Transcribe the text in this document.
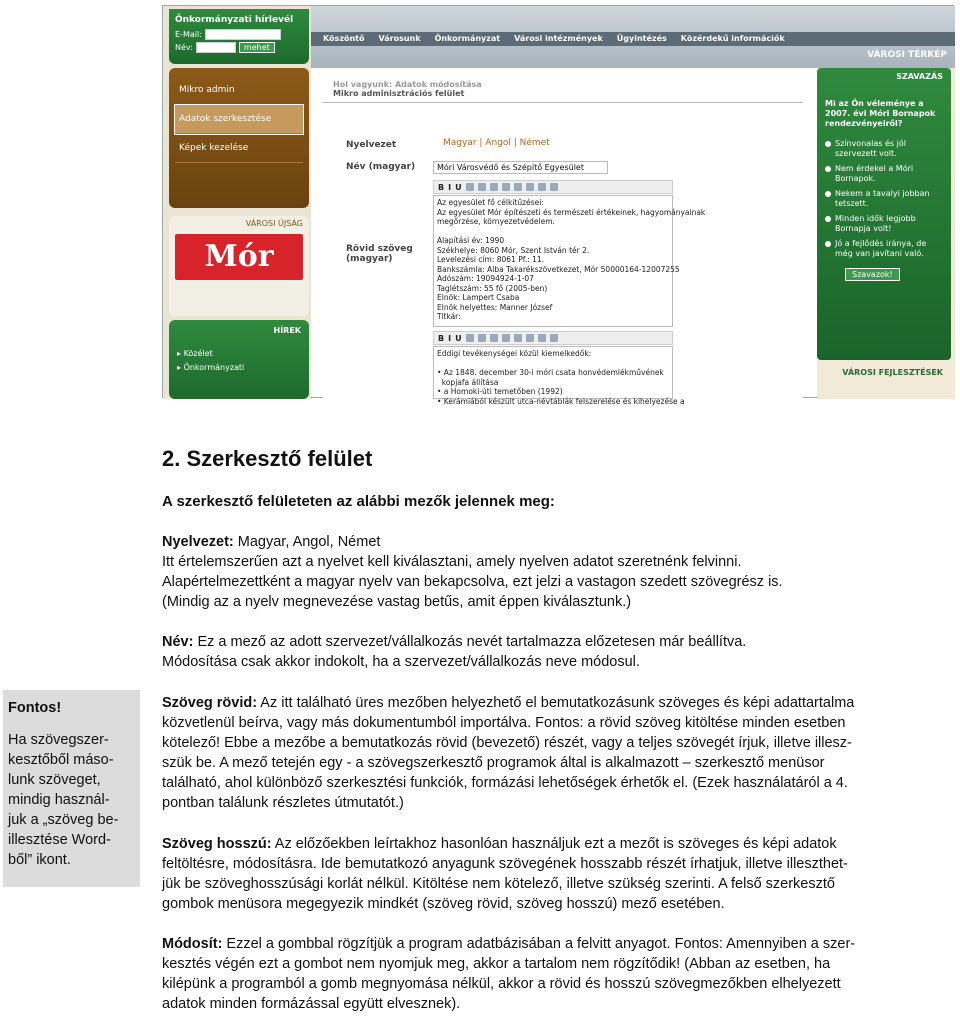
Önkormányzati hírlevél
E-Mail:
Név:	mehet
Mikro admin
Adatok szerkesztése
Képek kezelése
VÁROSI ÚJSÁG
Mór
HÍREK
▸ Közélet
▸ Önkormányzati
Köszöntő Városunk Önkormányzat Városi intézmények Ügyintézés Közérdekű információk
VÁROSI TÉRKÉP
Hol vagyunk: Adatok módosítása
Mikro adminisztrációs felület
Nyelvezet	Magyar | Angol | Német
Név (magyar)	Móri Városvédő és Szépítő Egyesület
B I U
Rövid szöveg
(magyar)
Az egyesület fő célkitűzései:
Az egyesület Mór építészeti és természeti értékeinek, hagyományainak
megőrzése, környezetvédelem.

Alapítási év: 1990
Székhelye: 8060 Mór, Szent István tér 2.
Levelezési cím: 8061 Pf.: 11.
Bankszámla: Alba Takarékszövetkezet, Mór 50000164-12007255
Adószám: 19094924-1-07
Taglétszám: 55 fő (2005-ben)
Elnök: Lampert Csaba
Elnök helyettes: Manner József
Titkár:
B I U
Eddigi tevékenységei közül kiemelkedők:

• Az 1848. december 30-i móri csata honvédemlékművének
kopjafa állítása
• a Homoki-úti temetőben (1992)
• Kerámiából készült utca-névtáblák felszerelése és kihelyezése a
SZAVAZÁS
Mi az Ön véleménye a 2007. évi Móri Bornapok rendezvényeiről?
Színvonalas és jól szervezett volt.
Nem érdekel a Móri Bornapok.
Nekem a tavalyi jobban tetszett.
Minden idők legjobb Bornapja volt!
Jó a fejlődés iránya, de még van javítani való.
Szavazok!
VÁROSI FEJLESZTÉSEK
2. Szerkesztő felület
A szerkesztő felületeten az alábbi mezők jelennek meg:
Nyelvezet: Magyar, Angol, Német
Itt értelemszerűen azt a nyelvet kell kiválasztani, amely nyelven adatot szeretnénk felvinni.
Alapértelmezettként a magyar nyelv van bekapcsolva, ezt jelzi a vastagon szedett szövegrész is.
(Mindig az a nyelv megnevezése vastag betűs, amit éppen kiválasztunk.)
Név: Ez a mező az adott szervezet/vállalkozás nevét tartalmazza előzetesen már beállítva.
Módosítása csak akkor indokolt, ha a szervezet/vállalkozás neve módosul.
Szöveg rövid: Az itt található üres mezőben helyezhető el bemutatkozásunk szöveges és képi adattartalma
közvetlenül beírva, vagy más dokumentumból importálva. Fontos: a rövid szöveg kitöltése minden esetben
kötelező! Ebbe a mezőbe a bemutatkozás rövid (bevezető) részét, vagy a teljes szövegét írjuk, illetve illesz-
szük be. A mező tetején egy - a szövegszerkesztő programok által is alkalmazott – szerkesztő menüsor
található, ahol különböző szerkesztési funkciók, formázási lehetőségek érhetők el. (Ezek használatáról a 4.
pontban találunk részletes útmutatót.)
Szöveg hosszú: Az előzőekben leírtakhoz hasonlóan használjuk ezt a mezőt is szöveges és képi adatok
feltöltésre, módosításra. Ide bemutatkozó anyagunk szövegének hosszabb részét írhatjuk, illetve illeszthet-
jük be szöveghosszúsági korlát nélkül. Kitöltése nem kötelező, illetve szükség szerinti. A felső szerkesztő
gombok menüsora megegyezik mindkét (szöveg rövid, szöveg hosszú) mező esetében.
Módosít: Ezzel a gombbal rögzítjük a program adatbázisában a felvitt anyagot. Fontos: Amennyiben a szer-
kesztés végén ezt a gombot nem nyomjuk meg, akkor a tartalom nem rögzítődik! (Abban az esetben, ha
kilépünk a programból a gomb megnyomása nélkül, akkor a rövid és hosszú szövegmezőkben elhelyezett
adatok minden formázással együtt elvesznek).
Fontos!
Ha szövegszer-
kesztőből máso-
lunk szöveget,
mindig használ-
juk a „szöveg be-
illesztése Word-
ből” ikont.
